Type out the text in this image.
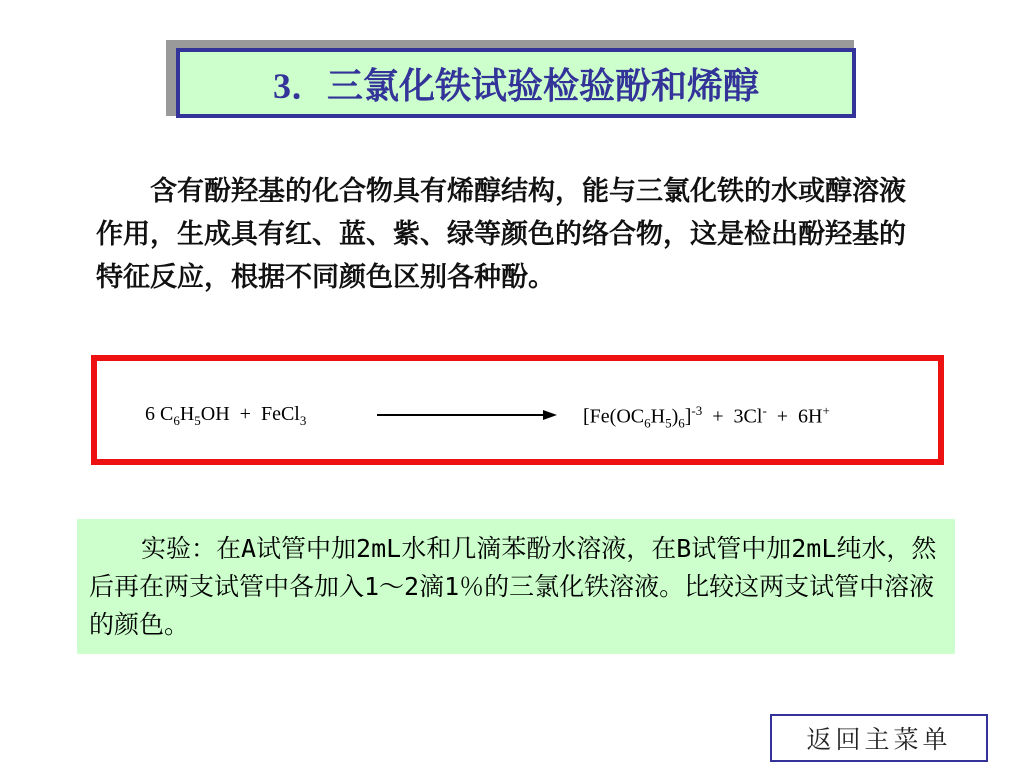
3．三氯化铁试验检验酚和烯醇

含有酚羟基的化合物具有烯醇结构，能与三氯化铁的水或醇溶液作用，生成具有红、蓝、紫、绿等颜色的络合物，这是检出酚羟基的特征反应，根据不同颜色区别各种酚。

6 $C_6H_5OH$  +  FeCl$_3$	$[Fe(OC_6H_5)_6]^{-3} + 3Cl^- + 6H^+$

实验：在A试管中加2mL水和几滴苯酚水溶液，在B试管中加2mL纯水，然后再在两支试管中各加入1～2滴1％的三氯化铁溶液。比较这两支试管中溶液的颜色。

返回主菜单
